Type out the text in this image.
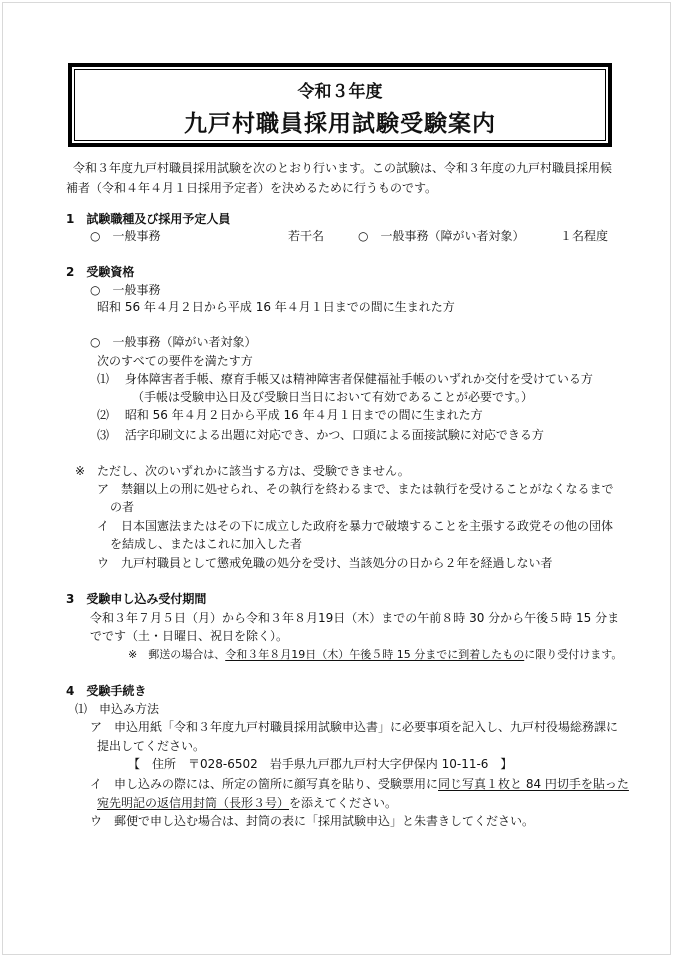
令和３年度
九戸村職員採用試験受験案内
令和３年度九戸村職員採用試験を次のとおり行います。この試験は、令和３年度の九戸村職員採用候
補者（令和４年４月１日採用予定者）を決めるために行うものです。
1　試験職種及び採用予定人員
○　一般事務	若干名	○　一般事務（障がい者対象）	１名程度
2　受験資格
○　一般事務
昭和 56 年４月２日から平成 16 年４月１日までの間に生まれた方
○　一般事務（障がい者対象）
次のすべての要件を満たす方
⑴　 身体障害者手帳、療育手帳又は精神障害者保健福祉手帳のいずれか交付を受けている方
（手帳は受験申込日及び受験日当日において有効であることが必要です。）
⑵　 昭和 56 年４月２日から平成 16 年４月１日までの間に生まれた方
⑶　 活字印刷文による出題に対応でき、かつ、口頭による面接試験に対応できる方
※　ただし、次のいずれかに該当する方は、受験できません。
ア　禁錮以上の刑に処せられ、その執行を終わるまで、または執行を受けることがなくなるまで
の者
イ　日本国憲法またはその下に成立した政府を暴力で破壊することを主張する政党その他の団体
を結成し、またはこれに加入した者
ウ　九戸村職員として懲戒免職の処分を受け、当該処分の日から２年を経過しない者
3　受験申し込み受付期間
令和３年７月５日（月）から令和３年８月19日（木）までの午前８時 30 分から午後５時 15 分ま
でです（土・日曜日、祝日を除く）。
※　郵送の場合は、令和３年８月19日（木）午後５時 15 分までに到着したものに限り受付けます。
4　受験手続き
⑴　申込み方法
ア　申込用紙「令和３年度九戸村職員採用試験申込書」に必要事項を記入し、九戸村役場総務課に
提出してください。
【　住所　〒028-6502　岩手県九戸郡九戸村大字伊保内 10-11-6　】
イ　申し込みの際には、所定の箇所に顔写真を貼り、受験票用に同じ写真１枚と 84 円切手を貼った
宛先明記の返信用封筒（長形３号）を添えてください。
ウ　郵便で申し込む場合は、封筒の表に「採用試験申込」と朱書きしてください。
